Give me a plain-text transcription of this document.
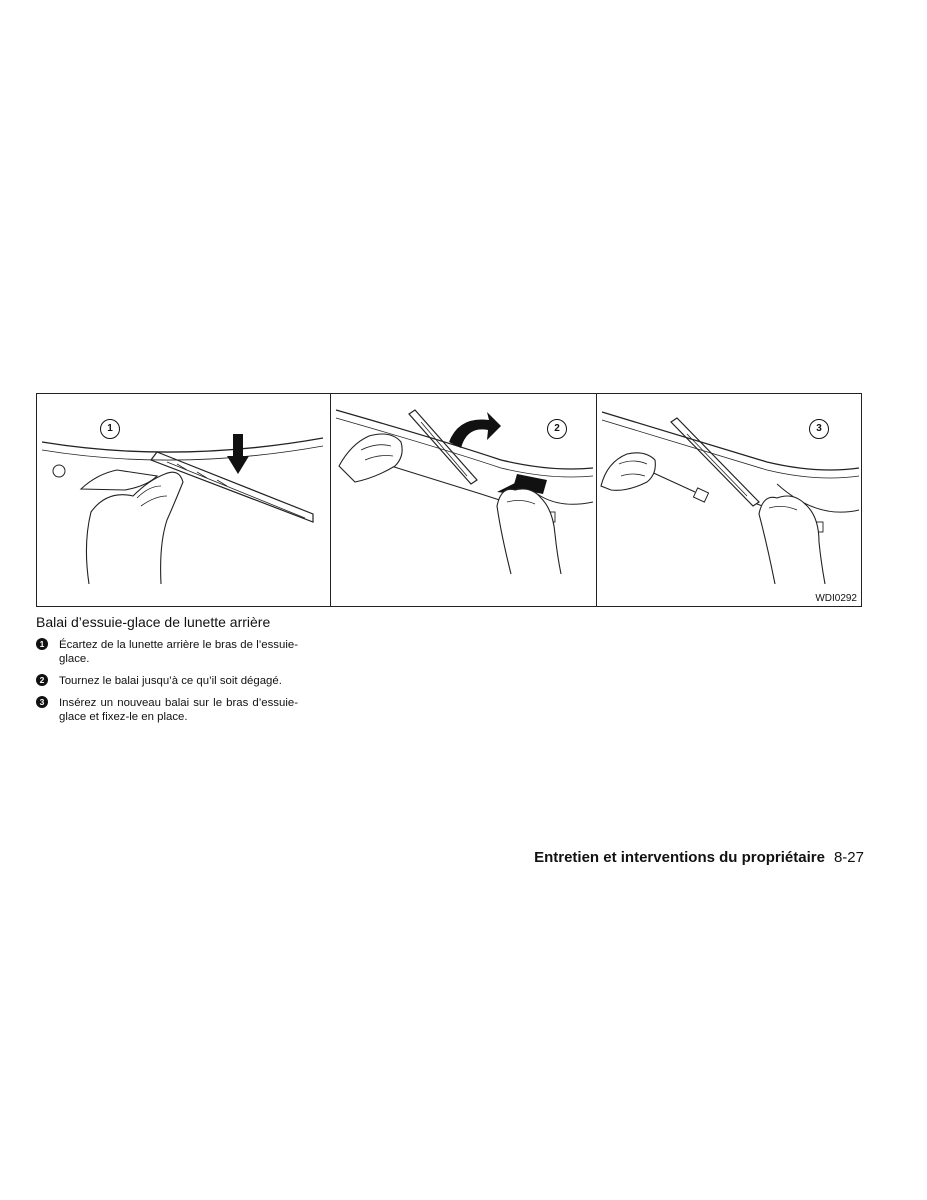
1	2	3
WDI0292
Balai d’essuie-glace de lunette arrière
1	Écartez de la lunette arrière le bras de l’essuie-glace.
2	Tournez le balai jusqu’à ce qu’il soit dégagé.
3	Insérez un nouveau balai sur le bras d’essuie-glace et fixez-le en place.
Entretien et interventions du propriétaire 8-27
